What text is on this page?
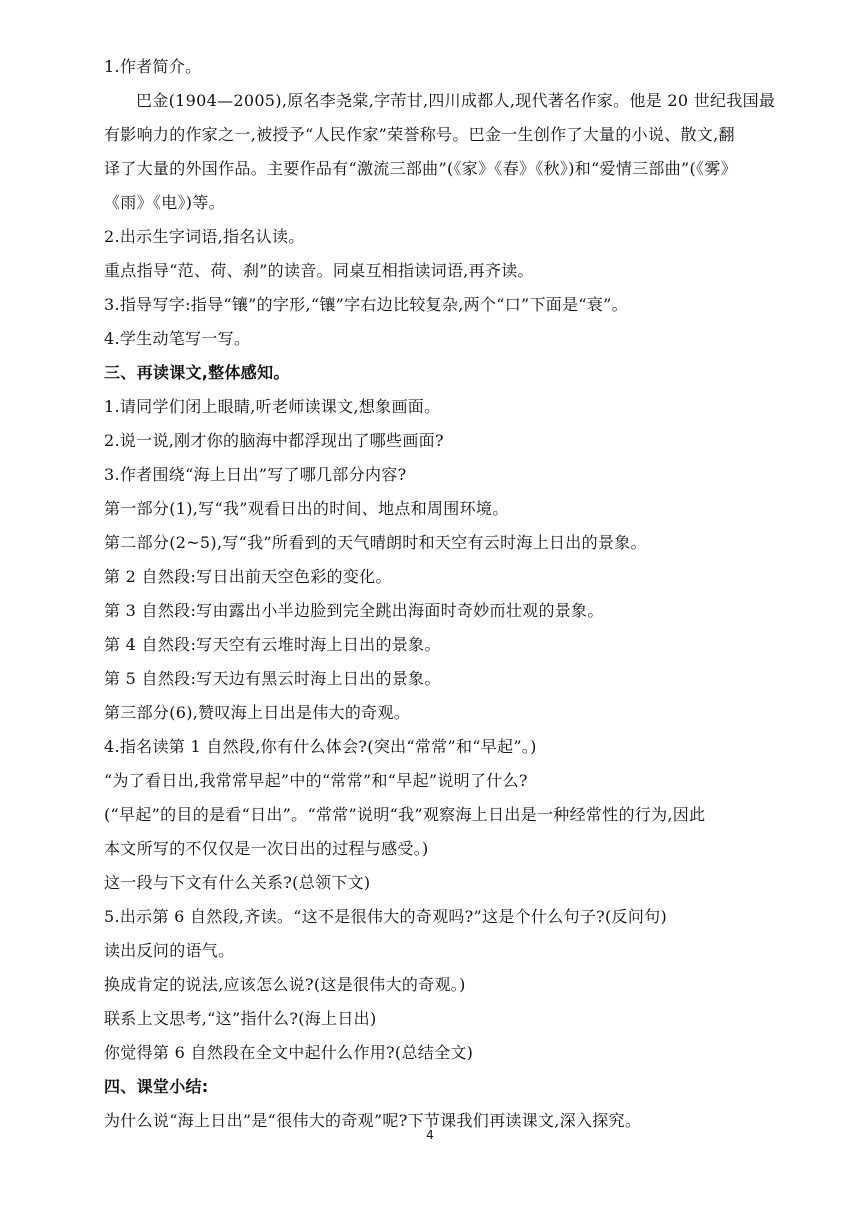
1.作者简介。
巴金(1904—2005),原名李尧棠,字芾甘,四川成都人,现代著名作家。他是 20 世纪我国最
有影响力的作家之一,被授予“人民作家”荣誉称号。巴金一生创作了大量的小说、散文,翻
译了大量的外国作品。主要作品有“激流三部曲”(《家》《春》《秋》)和“爱情三部曲”(《雾》
《雨》《电》)等。
2.出示生字词语,指名认读。
重点指导“范、荷、刹”的读音。同桌互相指读词语,再齐读。
3.指导写字:指导“镶”的字形,“镶”字右边比较复杂,两个“口”下面是“衰”。
4.学生动笔写一写。
三、再读课文,整体感知。
1.请同学们闭上眼睛,听老师读课文,想象画面。
2.说一说,刚才你的脑海中都浮现出了哪些画面?
3.作者围绕“海上日出”写了哪几部分内容?
第一部分(1),写“我”观看日出的时间、地点和周围环境。
第二部分(2~5),写“我”所看到的天气晴朗时和天空有云时海上日出的景象。
第 2 自然段:写日出前天空色彩的变化。
第 3 自然段:写由露出小半边脸到完全跳出海面时奇妙而壮观的景象。
第 4 自然段:写天空有云堆时海上日出的景象。
第 5 自然段:写天边有黑云时海上日出的景象。
第三部分(6),赞叹海上日出是伟大的奇观。
4.指名读第 1 自然段,你有什么体会?(突出“常常”和“早起”。)
“为了看日出,我常常早起”中的“常常”和“早起”说明了什么?
(“早起”的目的是看“日出”。“常常”说明“我”观察海上日出是一种经常性的行为,因此
本文所写的不仅仅是一次日出的过程与感受。)
这一段与下文有什么关系?(总领下文)
5.出示第 6 自然段,齐读。“这不是很伟大的奇观吗?”这是个什么句子?(反问句)
读出反问的语气。
换成肯定的说法,应该怎么说?(这是很伟大的奇观。)
联系上文思考,“这”指什么?(海上日出)
你觉得第 6 自然段在全文中起什么作用?(总结全文)
四、课堂小结:
为什么说“海上日出”是“很伟大的奇观”呢?下节课我们再读课文,深入探究。
4
